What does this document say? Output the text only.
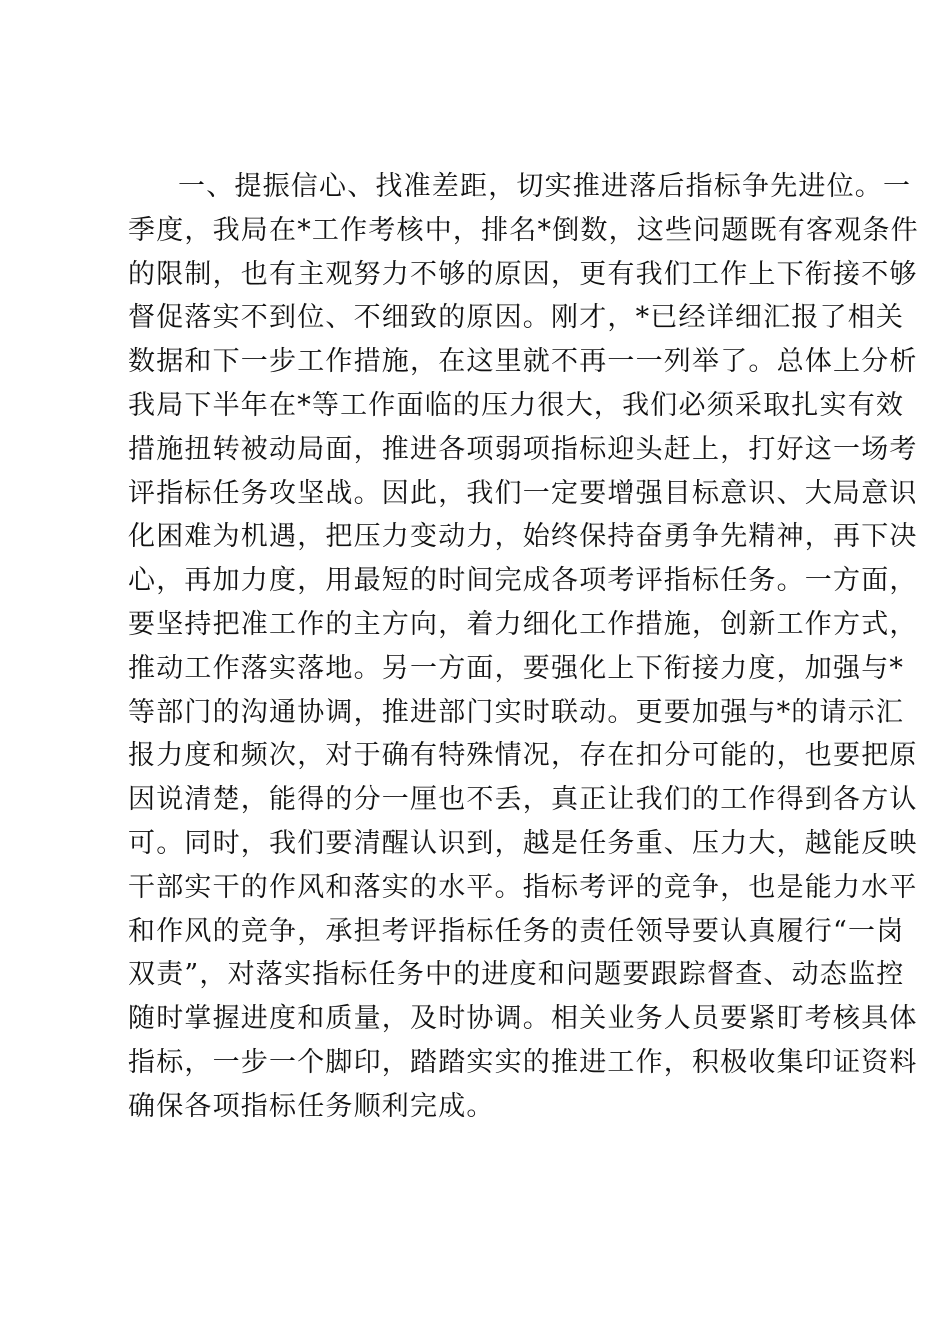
一、提振信心、找准差距，切实推进落后指标争先进位。一
季度，我局在*工作考核中，排名*倒数，这些问题既有客观条件
的限制，也有主观努力不够的原因，更有我们工作上下衔接不够
督促落实不到位、不细致的原因。刚才，*已经详细汇报了相关
数据和下一步工作措施，在这里就不再一一列举了。总体上分析
我局下半年在*等工作面临的压力很大，我们必须采取扎实有效
措施扭转被动局面，推进各项弱项指标迎头赶上，打好这一场考
评指标任务攻坚战。因此，我们一定要增强目标意识、大局意识
化困难为机遇，把压力变动力，始终保持奋勇争先精神，再下决
心，再加力度，用最短的时间完成各项考评指标任务。一方面，
要坚持把准工作的主方向，着力细化工作措施，创新工作方式，
推动工作落实落地。另一方面，要强化上下衔接力度，加强与*
等部门的沟通协调，推进部门实时联动。更要加强与*的请示汇
报力度和频次，对于确有特殊情况，存在扣分可能的，也要把原
因说清楚，能得的分一厘也不丢，真正让我们的工作得到各方认
可。同时，我们要清醒认识到，越是任务重、压力大，越能反映
干部实干的作风和落实的水平。指标考评的竞争，也是能力水平
和作风的竞争，承担考评指标任务的责任领导要认真履行“一岗
双责”，对落实指标任务中的进度和问题要跟踪督查、动态监控
随时掌握进度和质量，及时协调。相关业务人员要紧盯考核具体
指标，一步一个脚印，踏踏实实的推进工作，积极收集印证资料
确保各项指标任务顺利完成。
